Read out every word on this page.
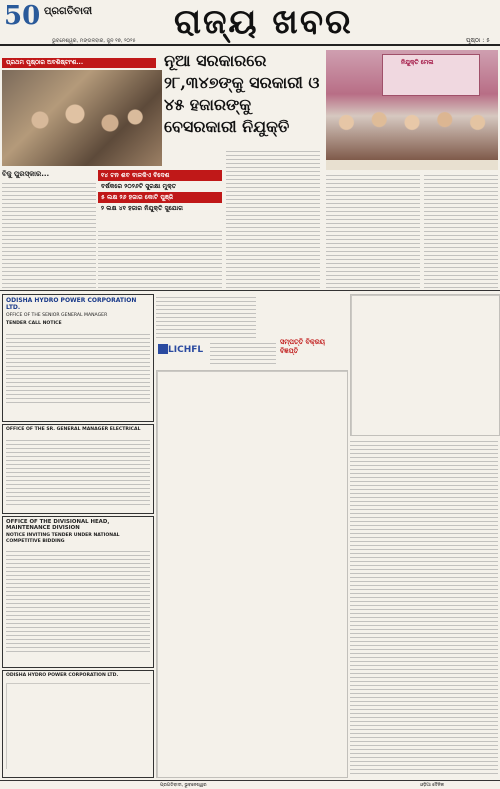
50 ପ୍ରଗତିବାଦୀ
ଭୁବନେଶ୍ୱର, ମଙ୍ଗଳବାର, ଜୁନ ୧୭, ୨୦୨୫ ରାଜ୍ୟ ଖବର	ପୃଷ୍ଠା : ୫
ପ୍ରଥମ ପୃଷ୍ଠାର ଅବଶିଷ୍ଟାଂଶ...	ନୂଆ ସରକାରରେ ୨୮,୩୪୭ଙ୍କୁ ସରକାରୀ ଓ ୪୫ ହଜାରଙ୍କୁ ବେସରକାରୀ ନିଯୁକ୍ତି
ନିଯୁକ୍ତି ମେଳା
ବିଜୁ ପୁରସ୍କାର...	୧୪ ଟନ ଶବ ବାଳକିଏ ବିଦେଶ
ବର୍ଷକରେ ୨୦୨୬ଟି ସୁରକ୍ଷା ମୁକ୍ତ
୫ ଲକ୍ଷ ୨୬ ହଜାର କୋଟି ପୁଞ୍ଜି
୨ ଲକ୍ଷ ୪୧ ହଜାର ନିଯୁକ୍ତି ସୁଯୋଗ
ODISHA HYDRO POWER CORPORATION LTD.
OFFICE OF THE SENIOR GENERAL MANAGER
TENDER CALL NOTICE
OFFICE OF THE SR. GENERAL MANAGER ELECTRICAL
OFFICE OF THE DIVISIONAL HEAD, MAINTENANCE DIVISION
NOTICE INVITING TENDER UNDER NATIONAL COMPETITIVE BIDDING
ODISHA HYDRO POWER CORPORATION LTD.
LICHFL
ସମ୍ପତ୍ତି ବିକ୍ରୟ ବିଜ୍ଞପ୍ତି
ପ୍ରଗତିବାଦୀ, ଭୁବନେଶ୍ୱର	ଓଡ଼ିଆ ଦୈନିକ
